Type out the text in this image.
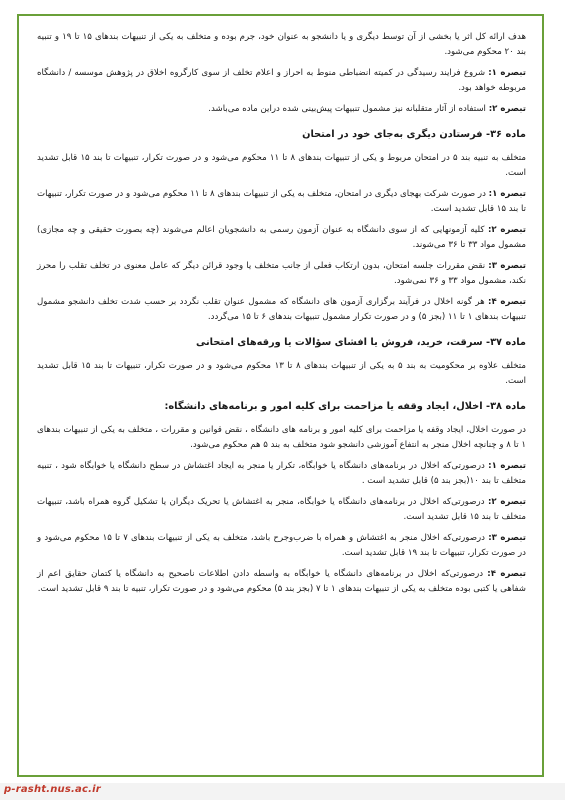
هدف ارائه کل اثر یا بخشی از آن توسط دیگری و یا دانشجو به عنوان خود، جرم بوده و متخلف به یکی از تنبیهات بندهای ۱۵ تا ۱۹ و تنبیه بند ۲۰ محکوم می‌شود.
تبصره ۱: شروع فرایند رسیدگی در کمیته انضباطی منوط به احراز و اعلام تخلف از سوی کارگروه اخلاق در پژوهش موسسه / دانشگاه مربوطه خواهد بود.
تبصره ۲: استفاده از آثار متقلبانه نیز مشمول تنبیهات پیش‌بینی شده دراین ماده می‌باشد.
ماده ۳۶- فرستادن دیگری به‌جای خود در امتحان
متخلف به تنبیه بند ۵ در امتحان مربوط و یکی از تنبیهات بندهای ۸ تا ۱۱ محکوم می‌شود و در صورت تکرار، تنبیهات تا بند ۱۵ قابل تشدید است.
تبصره ۱: در صورت شرکت بهجای دیگری در امتحان، متخلف به یکی از تنبیهات بندهای ۸ تا ۱۱ محکوم می‌شود و در صورت تکرار، تنبیهات تا بند ۱۵ قابل تشدید است.
تبصره ۲: کلیه آزمونهایی که از سوی دانشگاه به عنوان آزمون رسمی به دانشجویان اعالم می‌شوند (چه بصورت حقیقی و چه مجازی) مشمول مواد ۳۳ تا ۳۶ می‌شوند.
تبصره ۳: نقض مقررات جلسه امتحان، بدون ارتکاب فعلی از جانب متخلف یا وجود قرائن دیگر که عامل معنوی در تخلف تقلب را محرز نکند، مشمول مواد ۳۳ و ۳۶ نمی‌شود.
تبصره ۴: هر گونه اخلال در فرآیند برگزاری آزمون های دانشگاه که مشمول عنوان تقلب نگردد بر حسب شدت تخلف دانشجو مشمول تنبیهات بندهای ۱ تا ۱۱ (بجز ۵) و در صورت تکرار مشمول تنبیهات بندهای ۶ تا ۱۵ می‌گردد.
ماده ۳۷- سرقت، خرید، فروش یا افشای سؤالات یا ورقه‌های امتحانی
متخلف علاوه بر محکومیت به بند ۵ به یکی از تنبیهات بندهای ۸ تا ۱۳ محکوم می‌شود و در صورت تکرار، تنبیهات تا بند ۱۵ قابل تشدید است.
ماده ۳۸- اخلال، ایجاد وقفه یا مزاحمت برای کلیه امور و برنامه‌های دانشگاه:
در صورت اخلال، ایجاد وقفه یا مزاحمت برای کلیه امور و برنامه های دانشگاه ، نقض قوانین و مقررات ، متخلف به یکی از تنبیهات بندهای ۱ تا ۸ و چنانچه اخلال منجر به انتفاع آموزشی دانشجو شود متخلف به بند ۵ هم محکوم می‌شود.
تبصره ۱: درصورتی‌که اخلال در برنامه‌های دانشگاه یا خوابگاه، تکرار یا منجر به ایجاد اغتشاش در سطح دانشگاه یا خوابگاه شود ، تنبیه متخلف تا بند ۱۰(بجز بند ۵) قابل تشدید است .
تبصره ۲: درصورتی‌که اخلال در برنامه‌های دانشگاه یا خوابگاه، منجر به اغتشاش یا تحریک دیگران یا تشکیل گروه همراه باشد، تنبیهات متخلف تا بند ۱۵ قابل تشدید است.
تبصره ۳: درصورتی‌که اخلال منجر به اغتشاش و همراه با ضرب‌وجرح باشد، متخلف به یکی از تنبیهات بندهای ۷ تا ۱۵ محکوم می‌شود و در صورت تکرار، تنبیهات تا بند ۱۹ قابل تشدید است.
تبصره ۴: درصورتی‌که اخلال در برنامه‌های دانشگاه یا خوابگاه به واسطه دادن اطلاعات نا‌صحیح به دانشگاه یا کتمان حقایق اعم از شفاهی یا کتبی بوده متخلف به یکی از تنبیهات بندهای ۱ تا ۷ (بجز بند ۵) محکوم می‌شود و در صورت تکرار، تنبیه تا بند ۹ قابل تشدید است.
p-rasht.nus.ac.ir
